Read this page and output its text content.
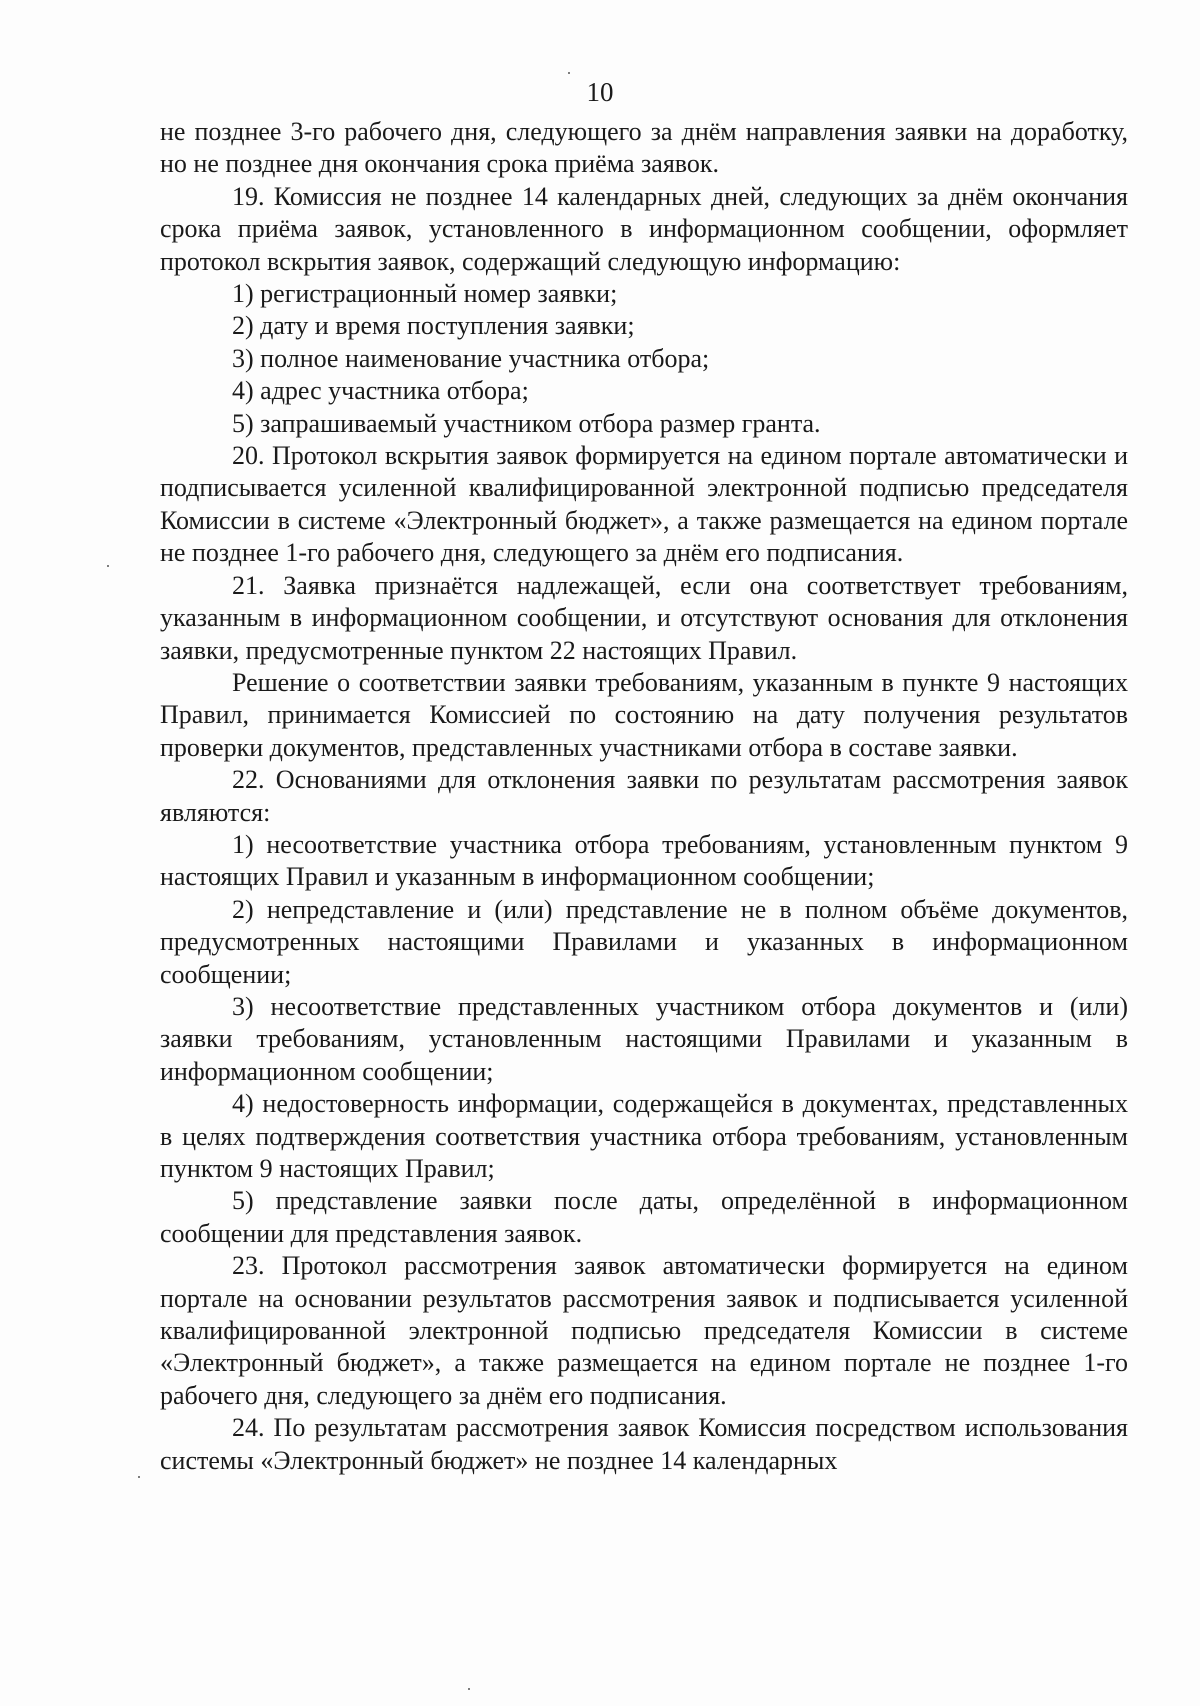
10

не позднее 3-го рабочего дня, следующего за днём направления заявки на доработку, но не позднее дня окончания срока приёма заявок.

19. Комиссия не позднее 14 календарных дней, следующих за днём окончания срока приёма заявок, установленного в информационном сообщении, оформляет протокол вскрытия заявок, содержащий следующую информацию:

1) регистрационный номер заявки;

2) дату и время поступления заявки;

3) полное наименование участника отбора;

4) адрес участника отбора;

5) запрашиваемый участником отбора размер гранта.

20. Протокол вскрытия заявок формируется на едином портале автоматически и подписывается усиленной квалифицированной электронной подписью председателя Комиссии в системе «Электронный бюджет», а также размещается на едином портале не позднее 1-го рабочего дня, следующего за днём его подписания.

21. Заявка признаётся надлежащей, если она соответствует требованиям, указанным в информационном сообщении, и отсутствуют основания для отклонения заявки, предусмотренные пунктом 22 настоящих Правил.

Решение о соответствии заявки требованиям, указанным в пункте 9 настоящих Правил, принимается Комиссией по состоянию на дату получения результатов проверки документов, представленных участниками отбора в составе заявки.

22. Основаниями для отклонения заявки по результатам рассмотрения заявок являются:

1) несоответствие участника отбора требованиям, установленным пунктом 9 настоящих Правил и указанным в информационном сообщении;

2) непредставление и (или) представление не в полном объёме документов, предусмотренных настоящими Правилами и указанных в информационном сообщении;

3) несоответствие представленных участником отбора документов и (или) заявки требованиям, установленным настоящими Правилами и указанным в информационном сообщении;

4) недостоверность информации, содержащейся в документах, представленных в целях подтверждения соответствия участника отбора требованиям, установленным пунктом 9 настоящих Правил;

5) представление заявки после даты, определённой в информационном сообщении для представления заявок.

23. Протокол рассмотрения заявок автоматически формируется на едином портале на основании результатов рассмотрения заявок и подписывается усиленной квалифицированной электронной подписью председателя Комиссии в системе «Электронный бюджет», а также размещается на едином портале не позднее 1-го рабочего дня, следующего за днём его подписания.

24. По результатам рассмотрения заявок Комиссия посредством использования системы «Электронный бюджет» не позднее 14 календарных
